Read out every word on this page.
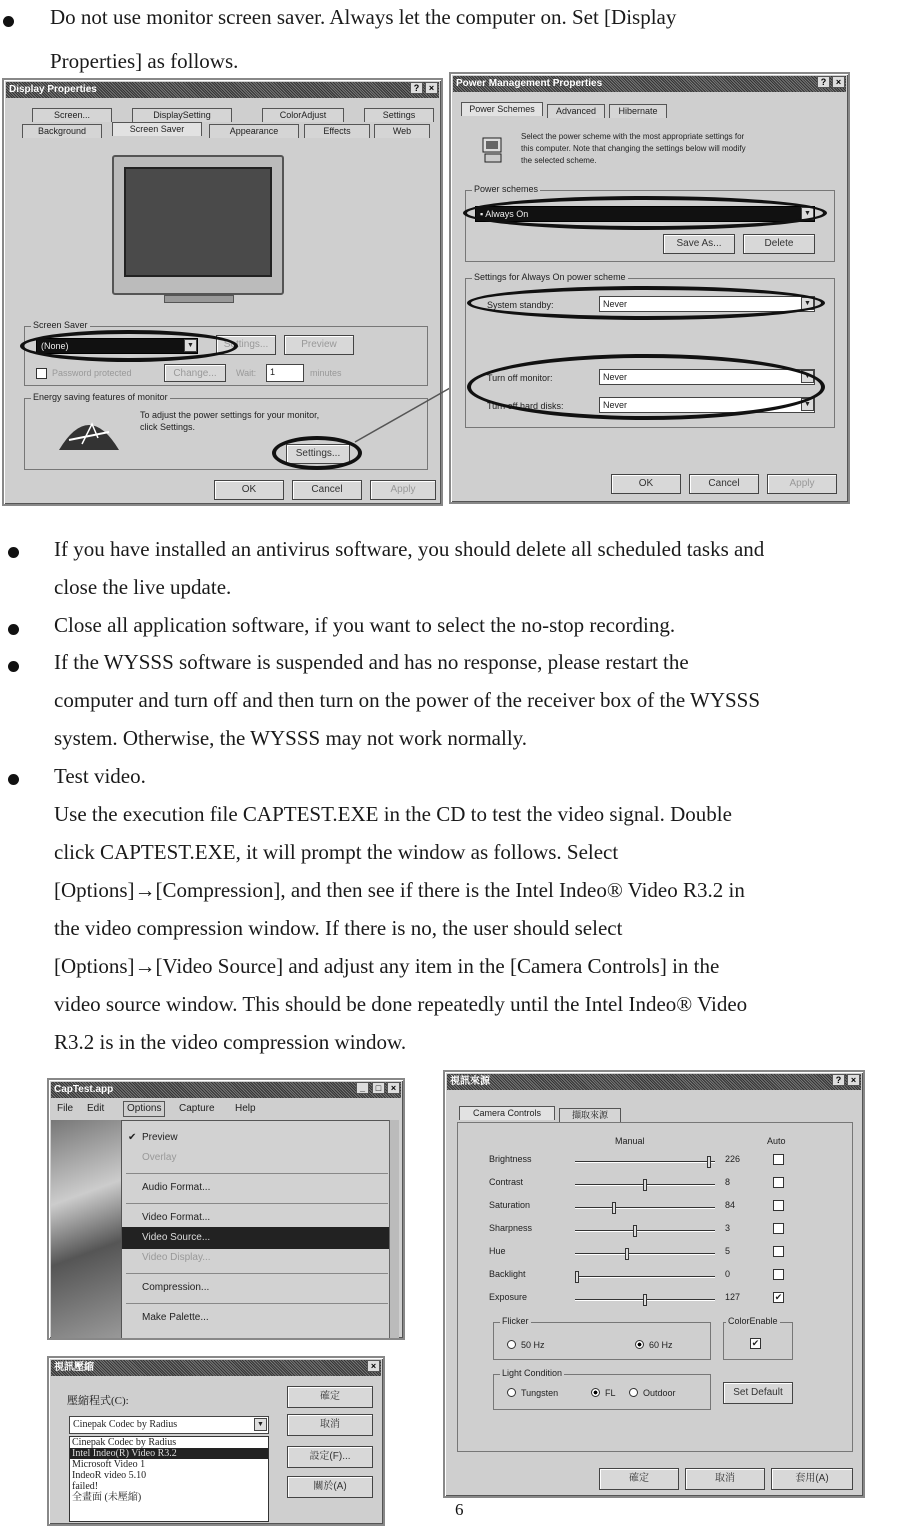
Do not use monitor screen saver. Always let the computer on. Set [Display
Properties] as follows.
Display Properties	?	×
Screen...	DisplaySetting	ColorAdjust	Settings
Background	Screen Saver	Appearance	Effects	Web
Screen Saver
(None)	▼	Settings...	Preview
Password protected	Change...	Wait:	1	minutes
Energy saving features of monitor
To adjust the power settings for your monitor,
click Settings.
Settings...
OK	Cancel	Apply
Power Management Properties	?	×
Power Schemes	Advanced	Hibernate
Select the power scheme with the most appropriate settings for
this computer. Note that changing the settings below will modify
the selected scheme.
Power schemes
▪ Always On	▼
Save As...	Delete
Settings for Always On power scheme
System standby:	Never	▼
Turn off monitor:	Never	▼
Turn off hard disks:	Never	▼
OK	Cancel	Apply
If you have installed an antivirus software, you should delete all scheduled tasks and
close the live update.
Close all application software, if you want to select the no-stop recording.
If the WYSSS software is suspended and has no response, please restart the
computer and turn off and then turn on the power of the receiver box of the WYSSS
system. Otherwise, the WYSSS may not work normally.
Test video.
Use the execution file CAPTEST.EXE in the CD to test the video signal. Double
click CAPTEST.EXE, it will prompt the window as follows. Select
[Options]→[Compression], and then see if there is the Intel Indeo® Video R3.2 in
the video compression window. If there is no, the user should select
[Options]→[Video Source] and adjust any item in the [Camera Controls] in the
video source window. This should be done repeatedly until the Intel Indeo® Video
R3.2 is in the video compression window.
CapTest.app	_	□	×
File Edit	Options	Capture Help
✔ Preview
Overlay
Audio Format...
Video Format...
Video Source...
Video Display...
Compression...
Make Palette...
視訊壓縮	×
壓縮程式(C):
Cinepak Codec by Radius	▼
Cinepak Codec by Radius
Intel Indeo(R) Video R3.2
Microsoft Video 1
IndeoR video 5.10
failed!
全畫面 (未壓縮)
確定
取消
設定(F)...
關於(A)
視訊來源	?	×
Camera Controls	擷取來源
Manual	Auto
Brightness	226
Contrast	8
Saturation	84
Sharpness	3
Hue	5
Backlight	0
Exposure	127	✔
Flicker
50 Hz	60 Hz
ColorEnable
✔
Light Condition
Tungsten	FL	Outdoor	Set Default
確定	取消	套用(A)
6
